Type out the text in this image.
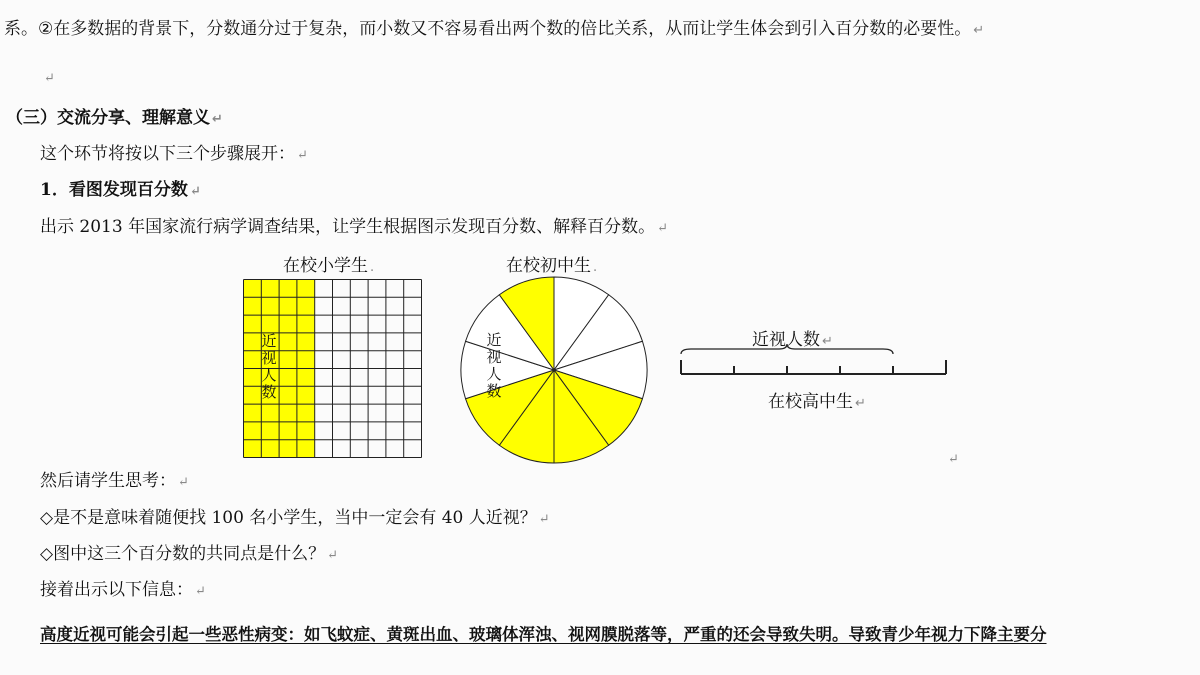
系。②在多数据的背景下，分数通分过于复杂，而小数又不容易看出两个数的倍比关系，从而让学生体会到引入百分数的必要性。 ↵
↵
（三）交流分享、理解意义 ↵
这个环节将按以下三个步骤展开： ↵
1．看图发现百分数 ↵
出示 2013 年国家流行病学调查结果，让学生根据图示发现百分数、解释百分数。 ↵
在校小学生 .
近视人数
在校初中生 .
近视人数
近视人数 ↵
在校高中生 ↵
↵
然后请学生思考： ↵
◇是不是意味着随便找 100 名小学生，当中一定会有 40 人近视？ ↵
◇图中这三个百分数的共同点是什么？ ↵
接着出示以下信息： ↵
高度近视可能会引起一些恶性病变：如飞蚊症、黄斑出血、玻璃体浑浊、视网膜脱落等，严重的还会导致失明。导致青少年视力下降主要分
